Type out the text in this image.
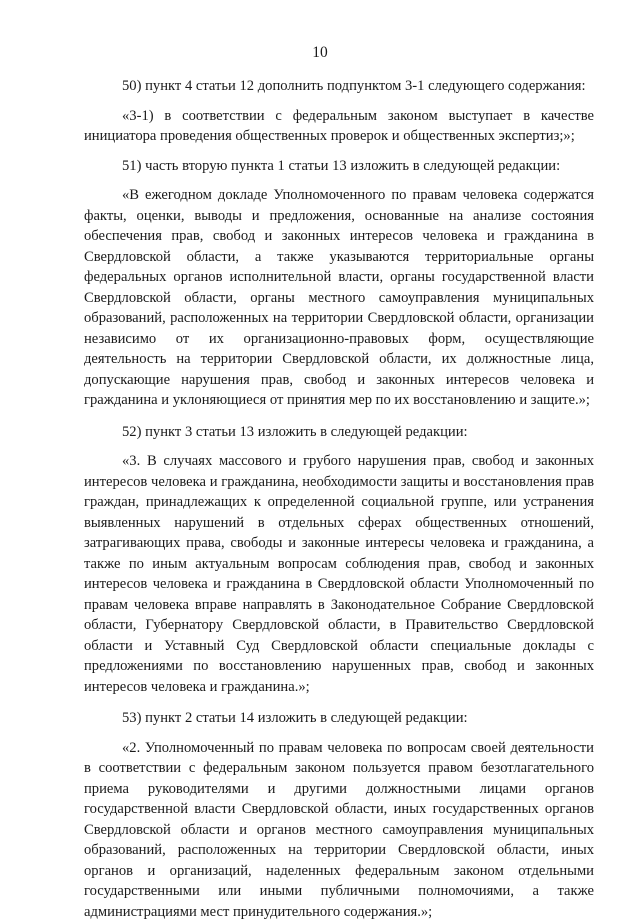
10

50) пункт 4 статьи 12 дополнить подпунктом 3-1 следующего содержания:

«3-1) в соответствии с федеральным законом выступает в качестве инициатора проведения общественных проверок и общественных экспертиз;»;

51) часть вторую пункта 1 статьи 13 изложить в следующей редакции:

«В ежегодном докладе Уполномоченного по правам человека содержатся факты, оценки, выводы и предложения, основанные на анализе состояния обеспечения прав, свобод и законных интересов человека и гражданина в Свердловской области, а также указываются территориальные органы федеральных органов исполнительной власти, органы государственной власти Свердловской области, органы местного самоуправления муниципальных образований, расположенных на территории Свердловской области, организации независимо от их организационно-правовых форм, осуществляющие деятельность на территории Свердловской области, их должностные лица, допускающие нарушения прав, свобод и законных интересов человека и гражданина и уклоняющиеся от принятия мер по их восстановлению и защите.»;

52) пункт 3 статьи 13 изложить в следующей редакции:

«3. В случаях массового и грубого нарушения прав, свобод и законных интересов человека и гражданина, необходимости защиты и восстановления прав граждан, принадлежащих к определенной социальной группе, или устранения выявленных нарушений в отдельных сферах общественных отношений, затрагивающих права, свободы и законные интересы человека и гражданина, а также по иным актуальным вопросам соблюдения прав, свобод и законных интересов человека и гражданина в Свердловской области Уполномоченный по правам человека вправе направлять в Законодательное Собрание Свердловской области, Губернатору Свердловской области, в Правительство Свердловской области и Уставный Суд Свердловской области специальные доклады с предложениями по восстановлению нарушенных прав, свобод и законных интересов человека и гражданина.»;

53) пункт 2 статьи 14 изложить в следующей редакции:

«2. Уполномоченный по правам человека по вопросам своей деятельности в соответствии с федеральным законом пользуется правом безотлагательного приема руководителями и другими должностными лицами органов государственной власти Свердловской области, иных государственных органов Свердловской области и органов местного самоуправления муниципальных образований, расположенных на территории Свердловской области, иных органов и организаций, наделенных федеральным законом отдельными государственными или иными публичными полномочиями, а также администрациями мест принудительного содержания.»;
